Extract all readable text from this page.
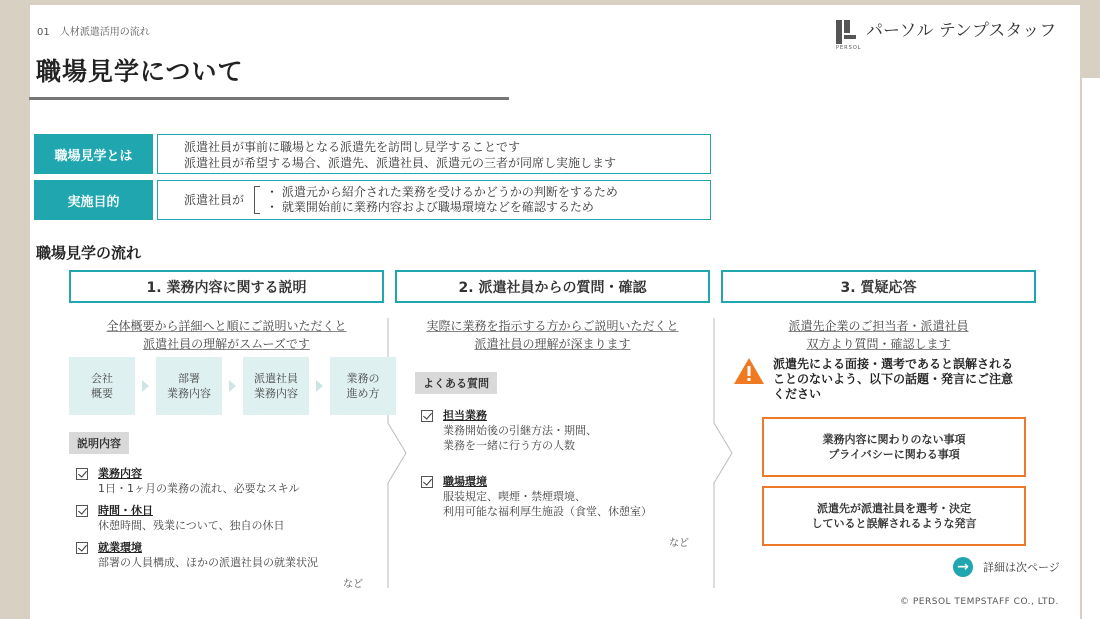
01　人材派遣活用の流れ
職場見学について
PERSOL
パーソル テンプスタッフ
職場見学とは
派遣社員が事前に職場となる派遣先を訪問し見学することです
派遣社員が希望する場合、派遣先、派遣社員、派遣元の三者が同席し実施します
実施目的	派遣社員が
・ 派遣元から紹介された業務を受けるかどうかの判断をするため
・ 就業開始前に業務内容および職場環境などを確認するため
職場見学の流れ
1. 業務内容に関する説明	2. 派遣社員からの質問・確認	3. 質疑応答
全体概要から詳細へと順にご説明いただくと
派遣社員の理解がスムーズです
会社
概要
部署
業務内容
派遣社員
業務内容
業務の
進め方
説明内容
業務内容
1日・1ヶ月の業務の流れ、必要なスキル
時間・休日
休憩時間、残業について、独自の休日
就業環境
部署の人員構成、ほかの派遣社員の就業状況
など
実際に業務を指示する方からご説明いただくと
派遣社員の理解が深まります
よくある質問
担当業務
業務開始後の引継方法・期間、
業務を一緒に行う方の人数
職場環境
服装規定、喫煙・禁煙環境、
利用可能な福利厚生施設（食堂、休憩室）
など
派遣先企業のご担当者・派遣社員
双方より質問・確認します
派遣先による面接・選考であると誤解される
ことのないよう、以下の話題・発言にご注意
ください
業務内容に関わりのない事項
プライバシーに関わる事項
派遣先が派遣社員を選考・決定
していると誤解されるような発言
→	詳細は次ページ
© PERSOL TEMPSTAFF CO., LTD.
